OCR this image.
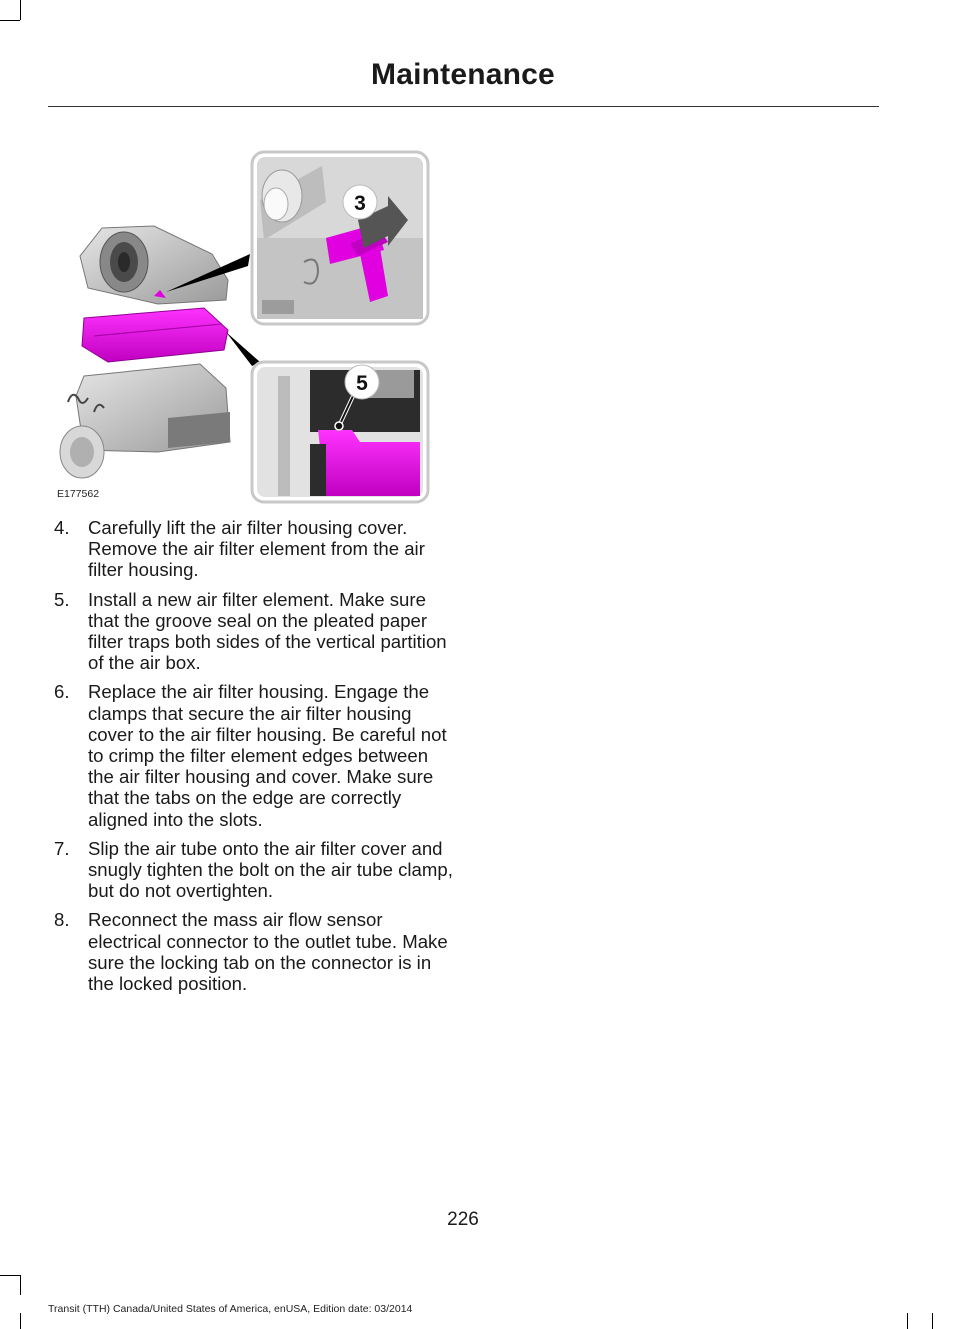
Maintenance
3
5
E177562
4. Carefully lift the air filter housing cover. Remove the air filter element from the air filter housing.
5. Install a new air filter element. Make sure that the groove seal on the pleated paper filter traps both sides of the vertical partition of the air box.
6. Replace the air filter housing. Engage the clamps that secure the air filter housing cover to the air filter housing. Be careful not to crimp the filter element edges between the air filter housing and cover. Make sure that the tabs on the edge are correctly aligned into the slots.
7. Slip the air tube onto the air filter cover and snugly tighten the bolt on the air tube clamp, but do not overtighten.
8. Reconnect the mass air flow sensor electrical connector to the outlet tube. Make sure the locking tab on the connector is in the locked position.
226
Transit (TTH) Canada/United States of America, enUSA, Edition date: 03/2014
